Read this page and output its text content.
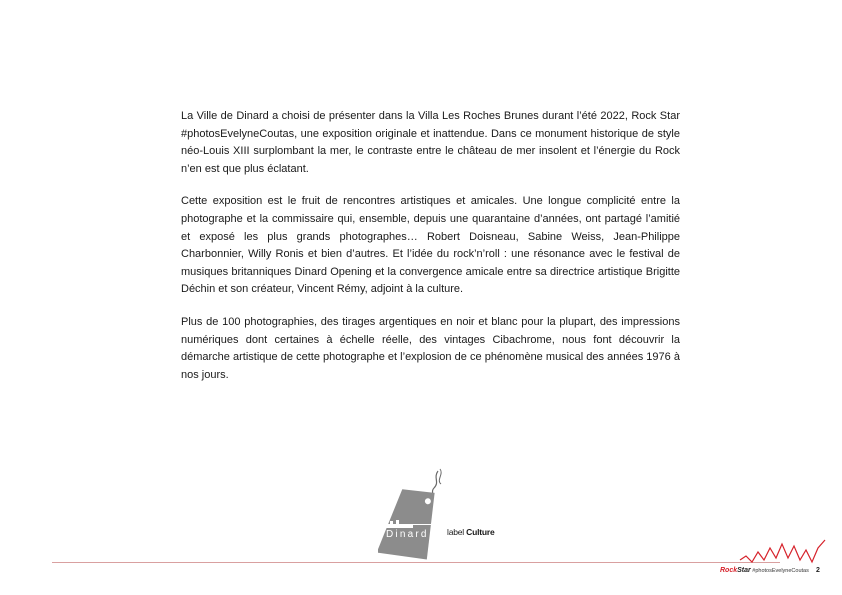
La Ville de Dinard a choisi de présenter dans la Villa Les Roches Brunes durant l’été 2022, Rock Star #photosEvelyneCoutas, une exposition originale et inattendue. Dans ce monument historique de style néo-Louis XIII surplombant la mer, le contraste entre le château de mer insolent et l’énergie du Rock n’en est que plus éclatant.

Cette exposition est le fruit de rencontres artistiques et amicales. Une longue complicité entre la photographe et la commissaire qui, ensemble, depuis une quarantaine d’années, ont partagé l’amitié et exposé les plus grands photographes… Robert Doisneau, Sabine Weiss, Jean-Philippe Charbonnier, Willy Ronis et bien d’autres. Et l’idée du rock’n’roll : une résonance avec le festival de musiques britanniques Dinard Opening et la convergence amicale entre sa directrice artistique Brigitte Déchin et son créateur, Vincent Rémy, adjoint à la culture.

Plus de 100 photographies, des tirages argentiques en noir et blanc pour la plupart, des impressions numériques dont certaines à échelle réelle, des vintages Cibachrome, nous font découvrir la démarche artistique de cette photographe et l’explosion de ce phénomène musical des années 1976 à nos jours.

Dinard label Culture
RockStar #photosEvelyneCoutas 2
